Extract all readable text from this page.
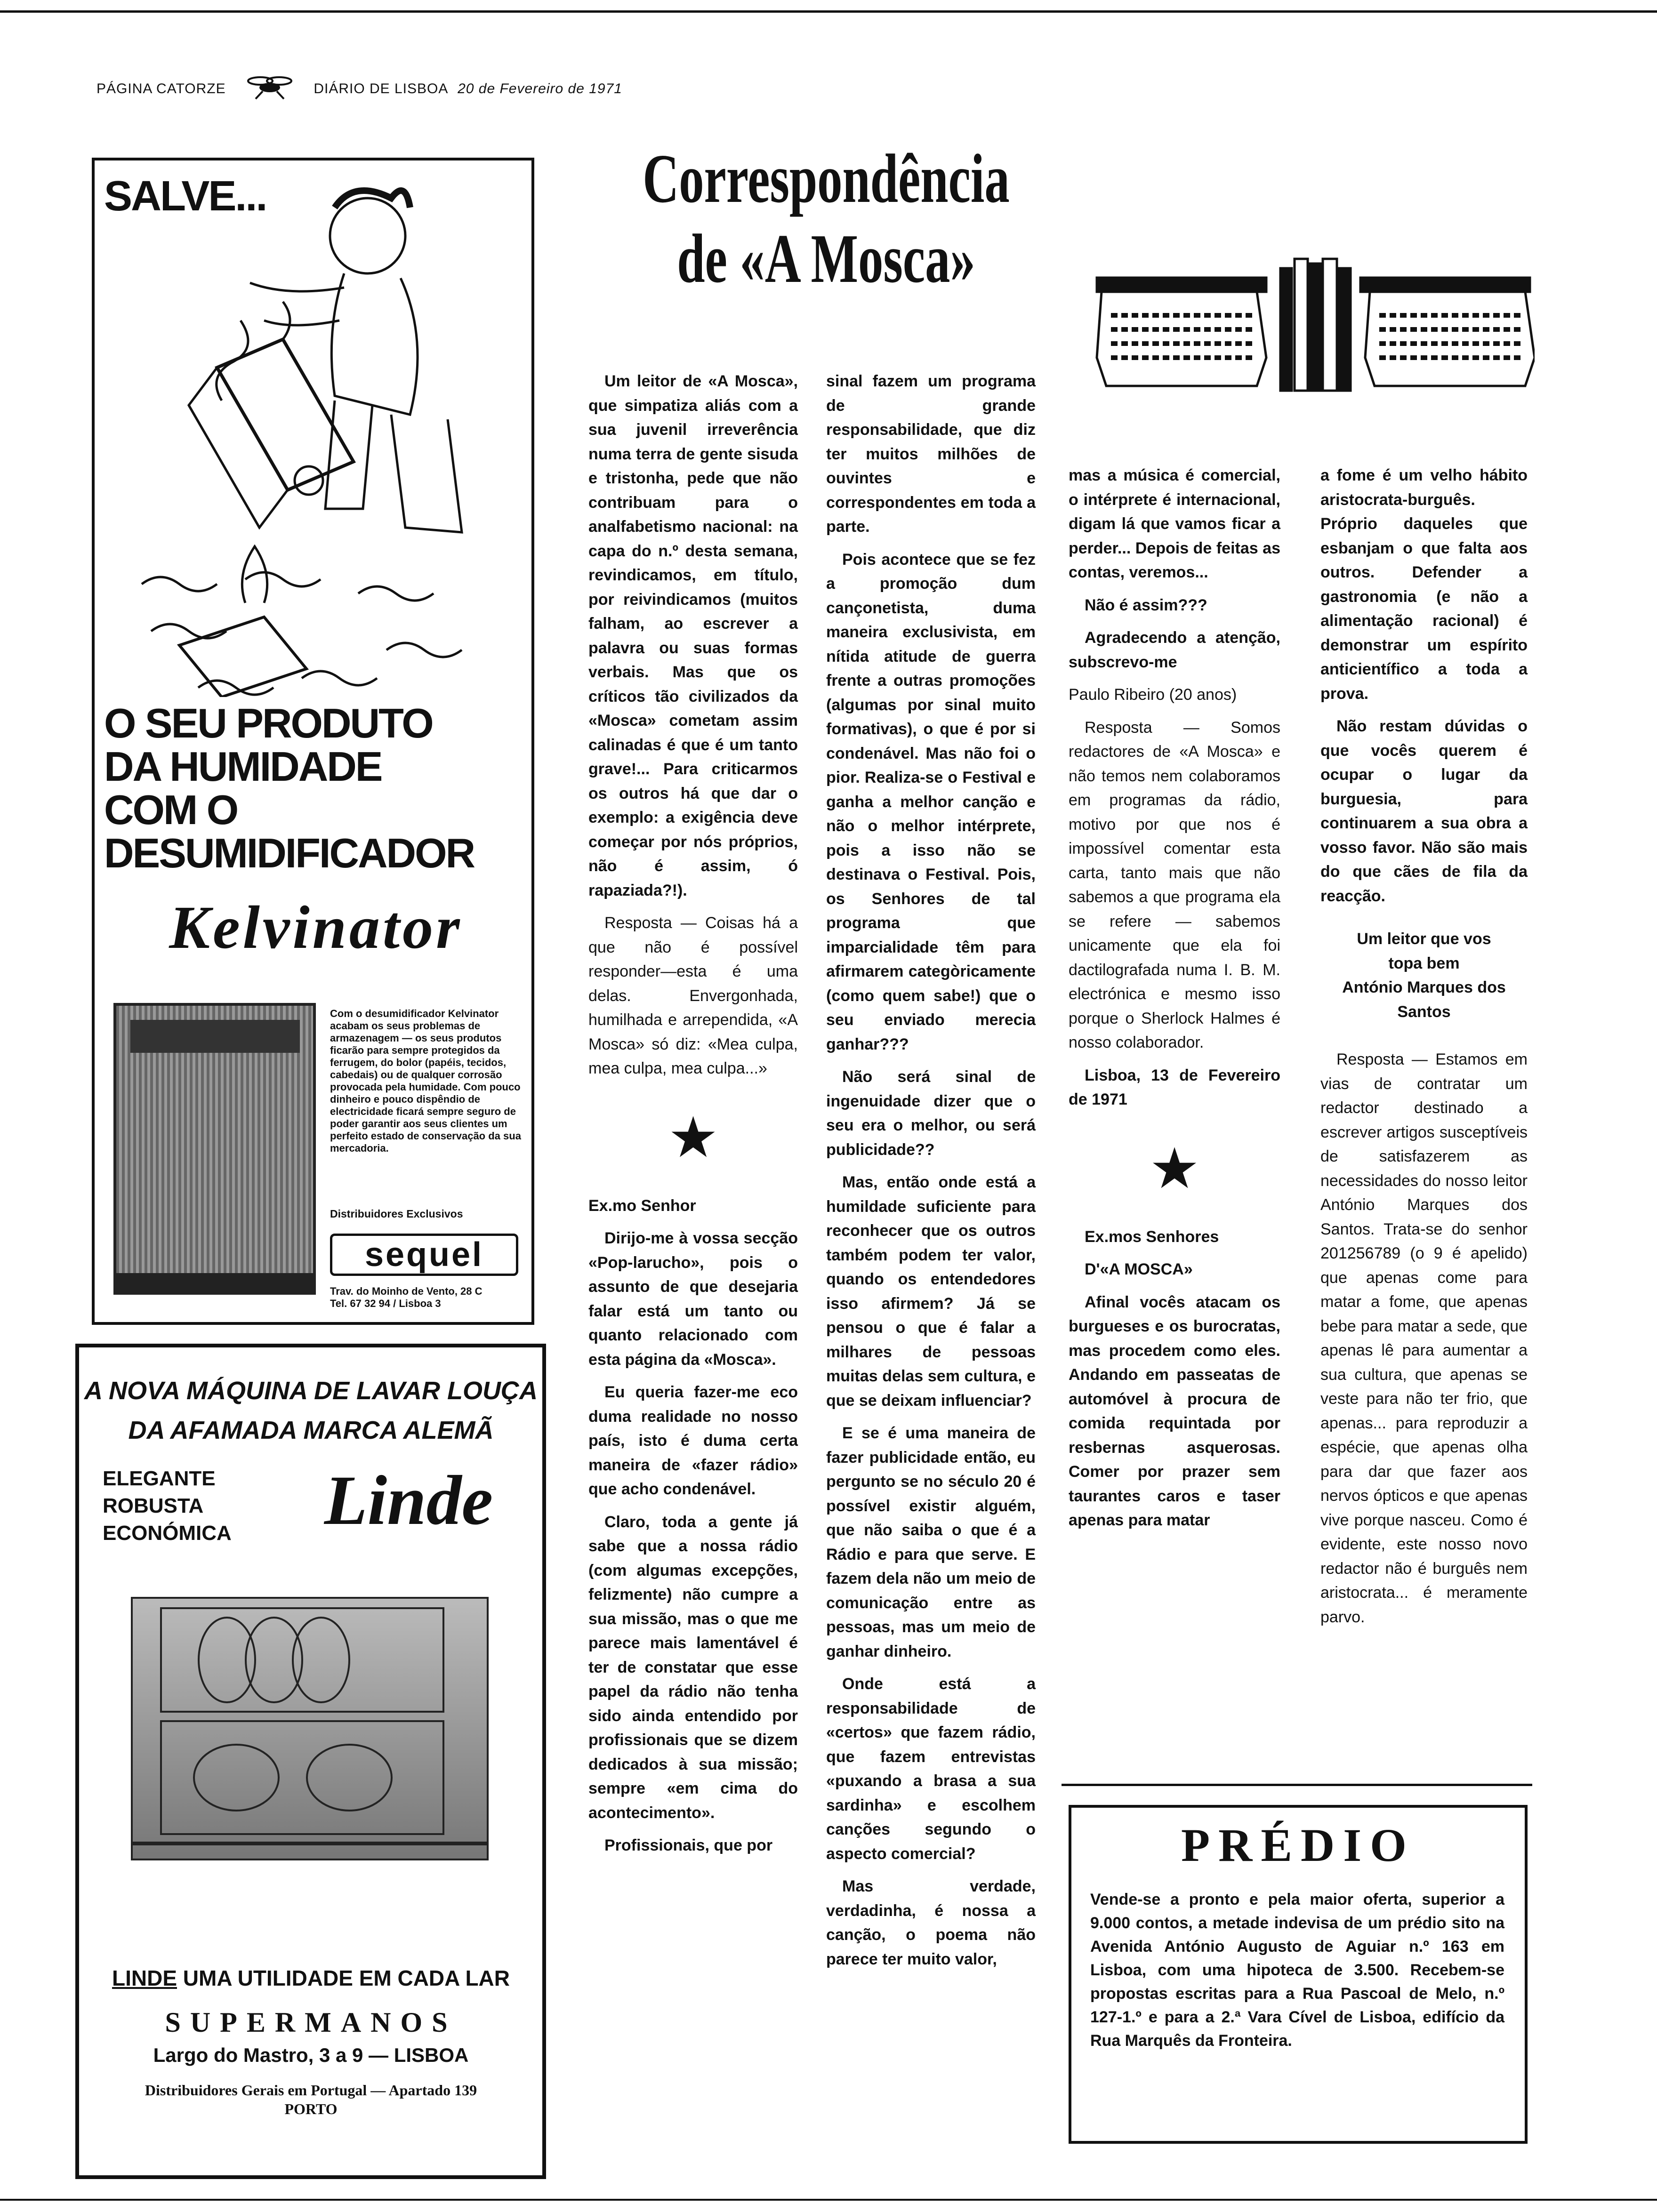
PÁGINA CATORZE	DIÁRIO DE LISBOA 20 de Fevereiro de 1971
SALVE...
O SEU PRODUTO
DA HUMIDADE
COM O
DESUMIDIFICADOR
Kelvinator
Com o desumidificador Kelvinator acabam os seus problemas de armazenagem — os seus produtos ficarão para sempre protegidos da ferrugem, do bolor (papéis, tecidos, cabedais) ou de qualquer corrosão provocada pela humidade. Com pouco dinheiro e pouco dispêndio de electricidade ficará sempre seguro de poder garantir aos seus clientes um perfeito estado de conservação da sua mercadoria.
Distribuidores Exclusivos
sequel
Trav. do Moinho de Vento, 28 C
Tel. 67 32 94 / Lisboa 3
A NOVA MÁQUINA DE LAVAR LOUÇA
DA AFAMADA MARCA ALEMÃ
ELEGANTE
ROBUSTA
ECONÓMICA	Linde
LINDE UMA UTILIDADE EM CADA LAR
SUPERMANOS
Largo do Mastro, 3 a 9 — LISBOA
Distribuidores Gerais em Portugal — Apartado 139
PORTO
Correspondência
de «A Mosca»

Um leitor de «A Mosca», que simpatiza aliás com a sua juvenil irreverência numa terra de gente sisuda e tristonha, pede que não contribuam para o analfabetismo nacional: na capa do n.º desta semana, revindicamos, em título, por reivindicamos (muitos falham, ao escrever a palavra ou suas formas verbais. Mas que os críticos tão civilizados da «Mosca» cometam assim calinadas é que é um tanto grave!... Para criticarmos os outros há que dar o exemplo: a exigência deve começar por nós próprios, não é assim, ó rapaziada?!).

Resposta — Coisas há a que não é possível responder—esta é uma delas. Envergonhada, humilhada e arrependida, «A Mosca» só diz: «Mea culpa, mea culpa, mea culpa...»

★

Ex.mo Senhor

Dirijo-me à vossa secção «Pop-larucho», pois o assunto de que desejaria falar está um tanto ou quanto relacionado com esta página da «Mosca».

Eu queria fazer-me eco duma realidade no nosso país, isto é duma certa maneira de «fazer rádio» que acho condenável.

Claro, toda a gente já sabe que a nossa rádio (com algumas excepções, felizmente) não cumpre a sua missão, mas o que me parece mais lamentável é ter de constatar que esse papel da rádio não tenha sido ainda entendido por profissionais que se dizem dedicados à sua missão; sempre «em cima do acontecimento».

Profissionais, que por

sinal fazem um programa de grande responsabilidade, que diz ter muitos milhões de ouvintes e correspondentes em toda a parte.

Pois acontece que se fez a promoção dum cançonetista, duma maneira exclusivista, em nítida atitude de guerra frente a outras promoções (algumas por sinal muito formativas), o que é por si condenável. Mas não foi o pior. Realiza-se o Festival e ganha a melhor canção e não o melhor intérprete, pois a isso não se destinava o Festival. Pois, os Senhores de tal programa que imparcialidade têm para afirmarem categòricamente (como quem sabe!) que o seu enviado merecia ganhar???

Não será sinal de ingenuidade dizer que o seu era o melhor, ou será publicidade??

Mas, então onde está a humildade suficiente para reconhecer que os outros também podem ter valor, quando os entendedores isso afirmem? Já se pensou o que é falar a milhares de pessoas muitas delas sem cultura, e que se deixam influenciar?

E se é uma maneira de fazer publicidade então, eu pergunto se no século 20 é possível existir alguém, que não saiba o que é a Rádio e para que serve. E fazem dela não um meio de comunicação entre as pessoas, mas um meio de ganhar dinheiro.

Onde está a responsabilidade de «certos» que fazem rádio, que fazem entrevistas «puxando a brasa a sua sardinha» e escolhem canções segundo o aspecto comercial?

Mas verdade, verdadinha, é nossa a canção, o poema não parece ter muito valor,

mas a música é comercial, o intérprete é internacional, digam lá que vamos ficar a perder... Depois de feitas as contas, veremos...

Não é assim???

Agradecendo a atenção, subscrevo-me

Paulo Ribeiro (20 anos)

Resposta — Somos redactores de «A Mosca» e não temos nem colaboramos em programas da rádio, motivo por que nos é impossível comentar esta carta, tanto mais que não sabemos a que programa ela se refere — sabemos unicamente que ela foi dactilografada numa I. B. M. electrónica e mesmo isso porque o Sherlock Halmes é nosso colaborador.

Lisboa, 13 de Fevereiro de 1971

★

Ex.mos Senhores

D'«A MOSCA»

Afinal vocês atacam os burgueses e os burocratas, mas procedem como eles. Andando em passeatas de automóvel à procura de comida requintada por resbernas asquerosas. Comer por prazer sem taurantes caros e taser apenas para matar

a fome é um velho hábito aristocrata-burguês. Próprio daqueles que esbanjam o que falta aos outros. Defender a gastronomia (e não a alimentação racional) é demonstrar um espírito anticientífico a toda a prova.

Não restam dúvidas o que vocês querem é ocupar o lugar da burguesia, para continuarem a sua obra a vosso favor. Não são mais do que cães de fila da reacção.

Um leitor que vos
topa bem
António Marques dos
Santos

Resposta — Estamos em vias de contratar um redactor destinado a escrever artigos susceptíveis de satisfazerem as necessidades do nosso leitor António Marques dos Santos. Trata-se do senhor 201256789 (o 9 é apelido) que apenas come para matar a fome, que apenas bebe para matar a sede, que apenas lê para aumentar a sua cultura, que apenas se veste para não ter frio, que apenas... para reproduzir a espécie, que apenas olha para dar que fazer aos nervos ópticos e que apenas vive porque nasceu. Como é evidente, este nosso novo redactor não é burguês nem aristocrata... é meramente parvo.

PRÉDIO
Vende-se a pronto e pela maior oferta, superior a 9.000 contos, a metade indevisa de um prédio sito na Avenida António Augusto de Aguiar n.º 163 em Lisboa, com uma hipoteca de 3.500. Recebem-se propostas escritas para a Rua Pascoal de Melo, n.º 127-1.º e para a 2.ª Vara Cível de Lisboa, edifício da Rua Marquês da Fronteira.
